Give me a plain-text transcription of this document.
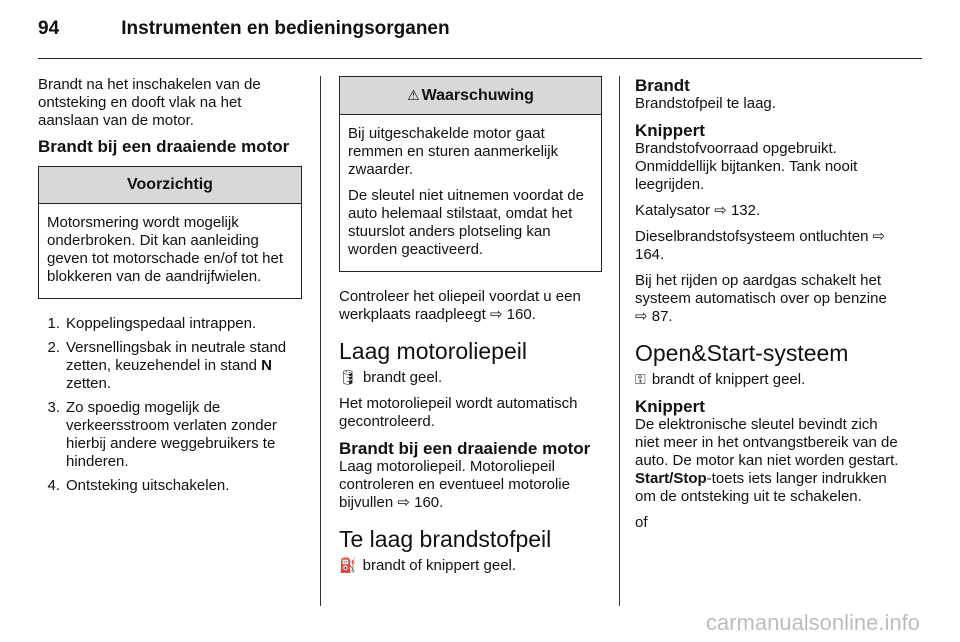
94	Instrumenten en bedieningsorganen

Brandt na het inschakelen van de ontsteking en dooft vlak na het aanslaan van de motor.

Brandt bij een draaiende motor
Voorzichtig

Motorsmering wordt mogelijk onderbroken. Dit kan aanleiding geven tot motorschade en/of tot het blokkeren van de aandrijfwielen.

1. Koppelingspedaal intrappen.
2. Versnellingsbak in neutrale stand zetten, keuzehendel in stand N zetten.
3. Zo spoedig mogelijk de verkeersstroom verlaten zonder hierbij andere weggebruikers te hinderen.
4. Ontsteking uitschakelen.
⚠ Waarschuwing

Bij uitgeschakelde motor gaat remmen en sturen aanmerkelijk zwaarder.

De sleutel niet uitnemen voordat de auto helemaal stilstaat, omdat het stuurslot anders plotseling kan worden geactiveerd.

Controleer het oliepeil voordat u een werkplaats raadpleegt ⇨ 160.

Laag motoroliepeil

🛢 brandt geel.

Het motoroliepeil wordt automatisch gecontroleerd.

Brandt bij een draaiende motor

Laag motoroliepeil. Motoroliepeil controleren en eventueel motorolie bijvullen ⇨ 160.

Te laag brandstofpeil

⛽ brandt of knippert geel.

Brandt

Brandstofpeil te laag.

Knippert

Brandstofvoorraad opgebruikt. Onmiddellijk bijtanken. Tank nooit leegrijden.

Katalysator ⇨ 132.

Dieselbrandstofsysteem ontluchten ⇨ 164.

Bij het rijden op aardgas schakelt het systeem automatisch over op benzine ⇨ 87.

Open&Start-systeem

⚿ brandt of knippert geel.

Knippert

De elektronische sleutel bevindt zich niet meer in het ontvangstbereik van de auto. De motor kan niet worden gestart. Start/Stop-toets iets langer indrukken om de ontsteking uit te schakelen.

of

carmanualsonline.info
